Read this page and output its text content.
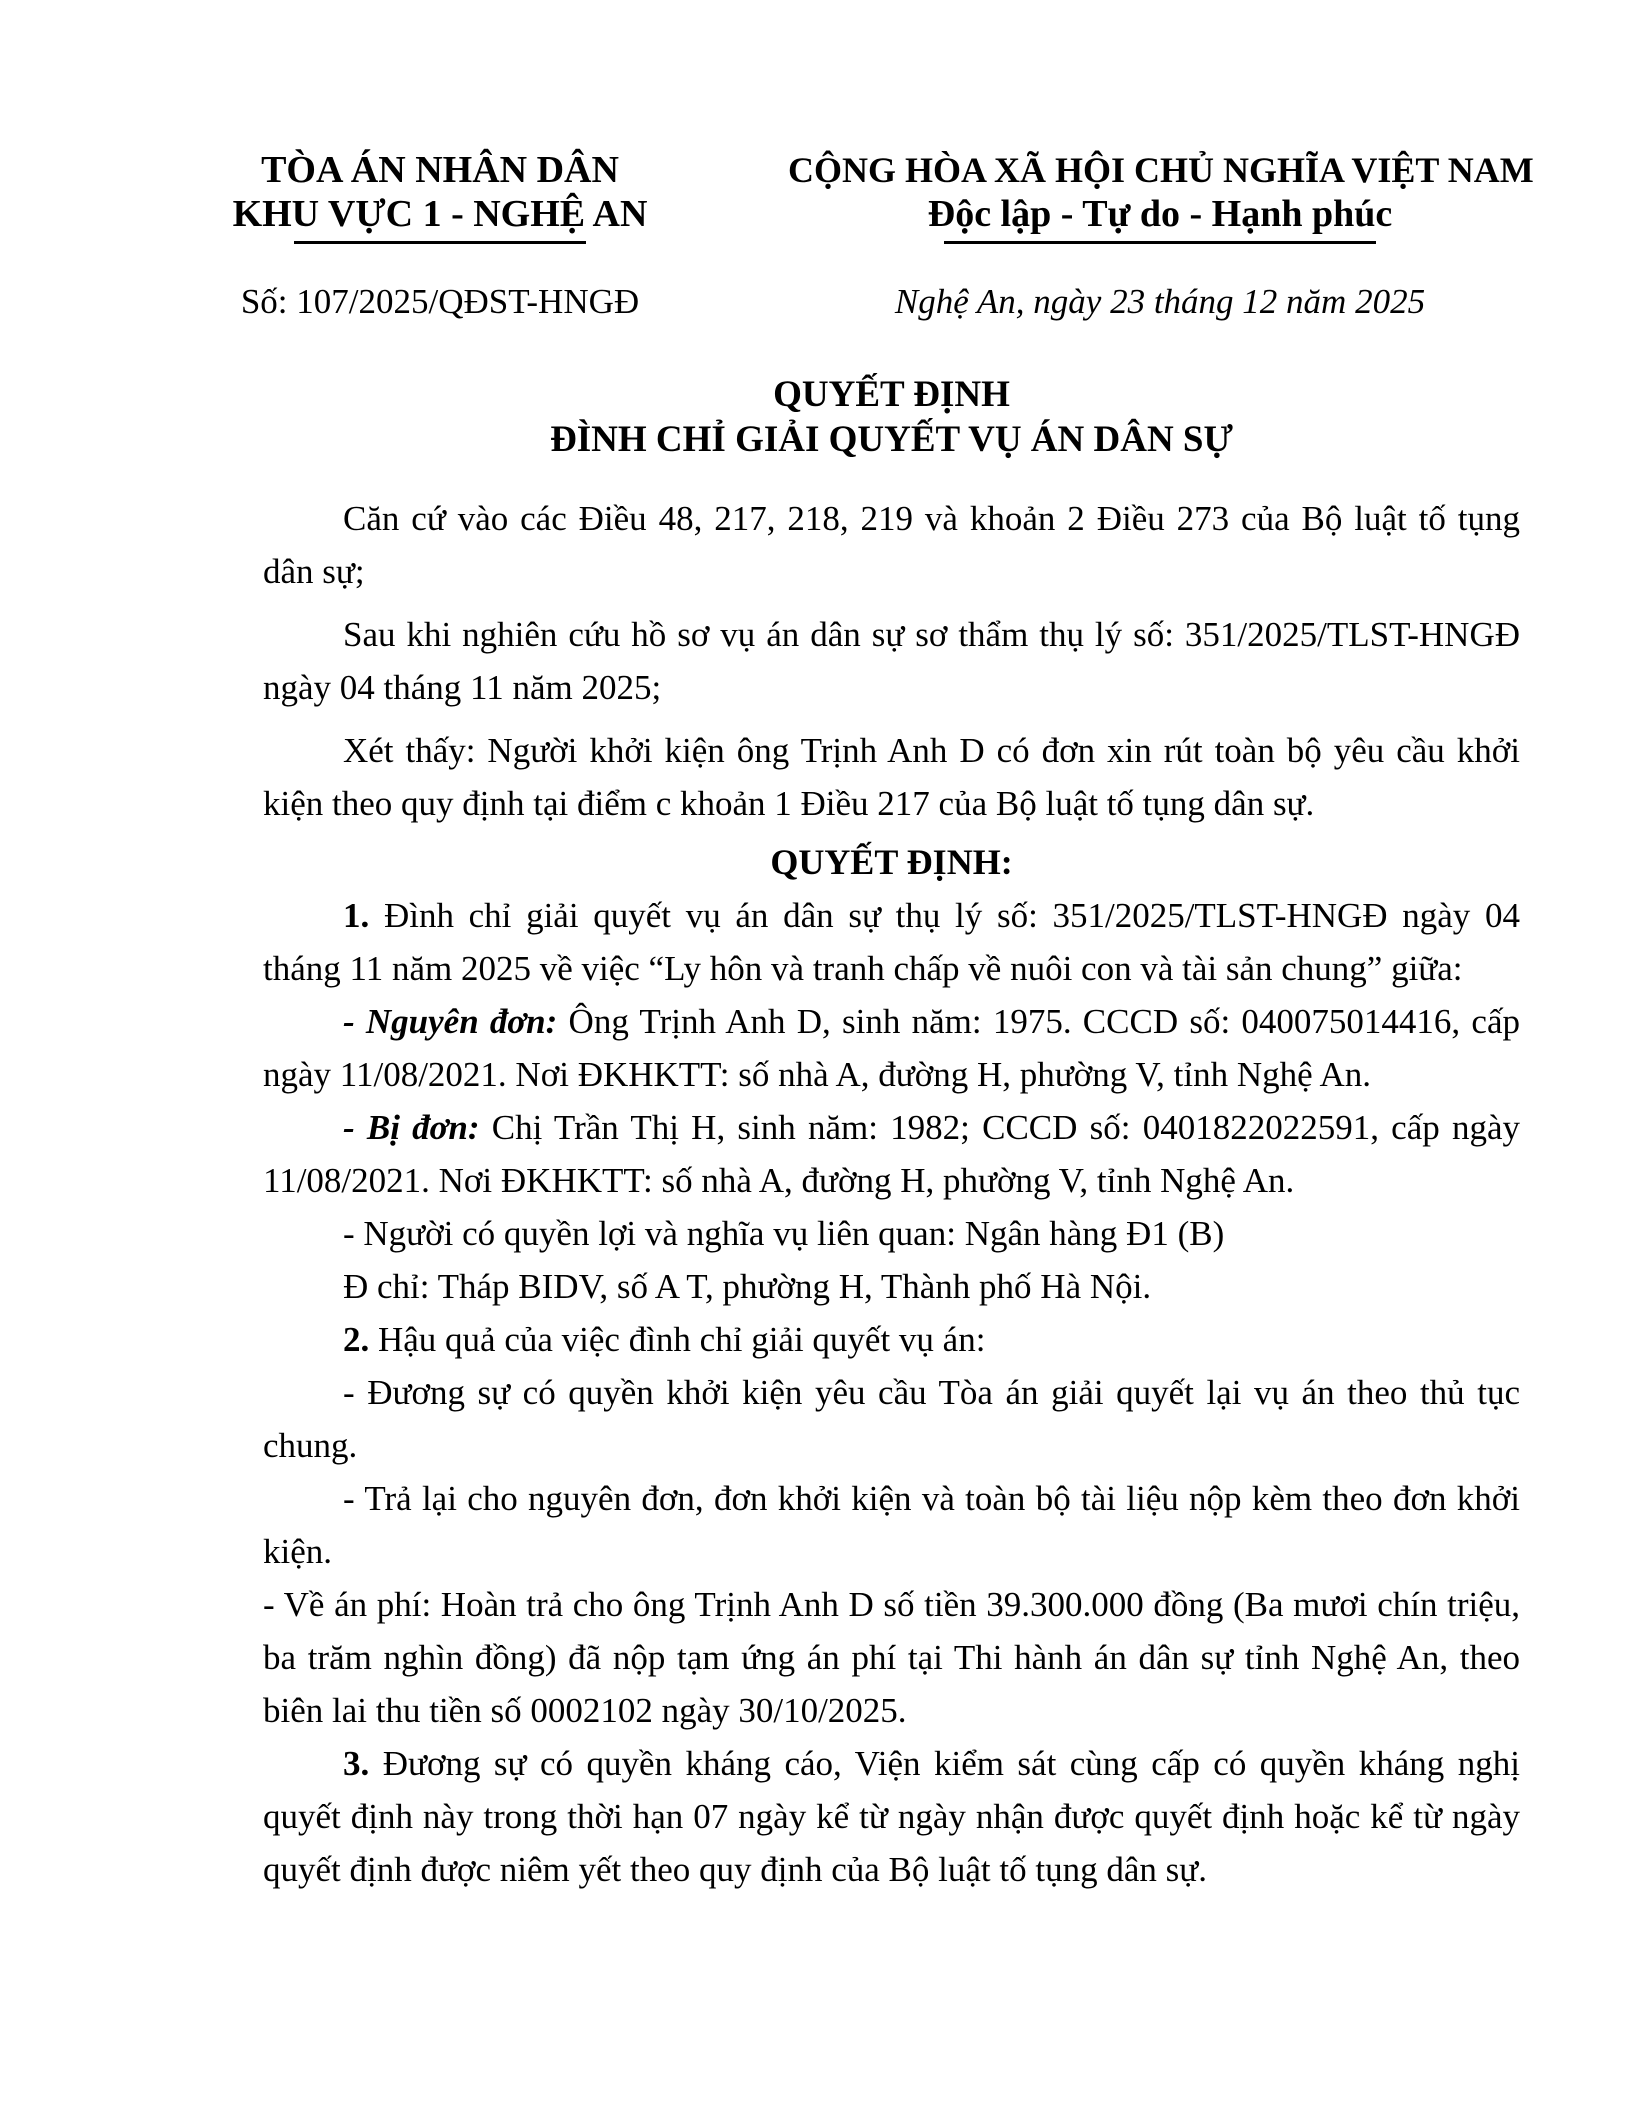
TÒA ÁN NHÂN DÂN
KHU VỰC 1 - NGHỆ AN
Số: 107/2025/QĐST-HNGĐ
CỘNG HÒA XÃ HỘI CHỦ NGHĨA VIỆT NAM
Độc lập - Tự do - Hạnh phúc
Nghệ An, ngày 23 tháng 12 năm 2025
QUYẾT ĐỊNH
ĐÌNH CHỈ GIẢI QUYẾT VỤ ÁN DÂN SỰ

Căn cứ vào các Điều 48, 217, 218, 219 và khoản 2 Điều 273 của Bộ luật tố tụng dân sự;

Sau khi nghiên cứu hồ sơ vụ án dân sự sơ thẩm thụ lý số: 351/2025/TLST-HNGĐ ngày 04 tháng 11 năm 2025;

Xét thấy: Người khởi kiện ông Trịnh Anh D có đơn xin rút toàn bộ yêu cầu khởi kiện theo quy định tại điểm c khoản 1 Điều 217 của Bộ luật tố tụng dân sự.

QUYẾT ĐỊNH:

1. Đình chỉ giải quyết vụ án dân sự thụ lý số: 351/2025/TLST-HNGĐ ngày 04 tháng 11 năm 2025 về việc “Ly hôn và tranh chấp về nuôi con và tài sản chung” giữa:

- Nguyên đơn: Ông Trịnh Anh D, sinh năm: 1975. CCCD số: 040075014416, cấp ngày 11/08/2021. Nơi ĐKHKTT: số nhà A, đường H, phường V, tỉnh Nghệ An.

- Bị đơn: Chị Trần Thị H, sinh năm: 1982; CCCD số: 0401822022591, cấp ngày 11/08/2021. Nơi ĐKHKTT: số nhà A, đường H, phường V, tỉnh Nghệ An.

- Người có quyền lợi và nghĩa vụ liên quan: Ngân hàng Đ1 (B)

Đ chỉ: Tháp BIDV, số A T, phường H, Thành phố Hà Nội.

2. Hậu quả của việc đình chỉ giải quyết vụ án:

- Đương sự có quyền khởi kiện yêu cầu Tòa án giải quyết lại vụ án theo thủ tục chung.

- Trả lại cho nguyên đơn, đơn khởi kiện và toàn bộ tài liệu nộp kèm theo đơn khởi kiện.

- Về án phí: Hoàn trả cho ông Trịnh Anh D số tiền 39.300.000 đồng (Ba mươi chín triệu, ba trăm nghìn đồng) đã nộp tạm ứng án phí tại Thi hành án dân sự tỉnh Nghệ An, theo biên lai thu tiền số 0002102 ngày 30/10/2025.

3. Đương sự có quyền kháng cáo, Viện kiểm sát cùng cấp có quyền kháng nghị quyết định này trong thời hạn 07 ngày kể từ ngày nhận được quyết định hoặc kể từ ngày quyết định được niêm yết theo quy định của Bộ luật tố tụng dân sự.
